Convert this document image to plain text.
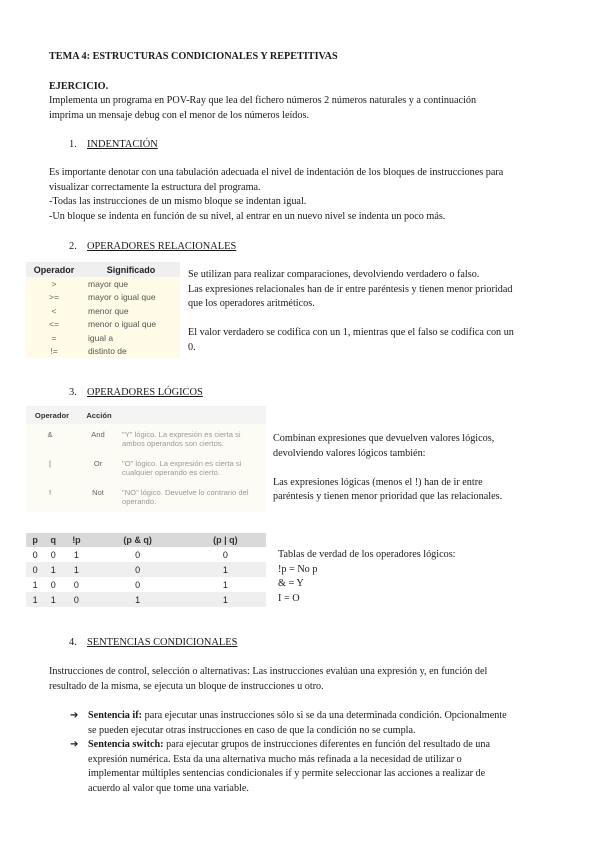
TEMA 4: ESTRUCTURAS CONDICIONALES Y REPETITIVAS
EJERCICIO.
Implementa un programa en POV-Ray que lea del fichero números 2 números naturales y a continuación
imprima un mensaje debug con el menor de los números leídos.
1. INDENTACIÓN
Es importante denotar con una tabulación adecuada el nivel de indentación de los bloques de instrucciones para
visualizar correctamente la estructura del programa.
-Todas las instrucciones de un mismo bloque se indentan igual.
-Un bloque se indenta en función de su nivel, al entrar en un nuevo nivel se indenta un poco más.
2. OPERADORES RELACIONALES
Operador	Significado
>	mayor que
>=	mayor o igual que
<	menor que
<=	menor o igual que
=	igual a
!=	distinto de
Se utilizan para realizar comparaciones, devolviendo verdadero o falso.
Las expresiones relacionales han de ir entre paréntesis y tienen menor prioridad
que los operadores aritméticos.
El valor verdadero se codifica con un 1, mientras que el falso se codifica con un
0.
3. OPERADORES LÓGICOS
Operador	Acción
&	And	"Y" lógico. La expresión es cierta si ambos operandos son ciertos.
|	Or	"O" lógico. La expresión es cierta si cualquier operando es cierto.
!	Not	"NO" lógico. Devuelve lo contrario del operando.
Combinan expresiones que devuelven valores lógicos,
devolviendo valores lógicos también:
Las expresiones lógicas (menos el !) han de ir entre
paréntesis y tienen menor prioridad que las relacionales.
p	q	!p	(p & q)	(p | q)
0	0	1	0	0
0	1	1	0	1
1	0	0	0	1
1	1	0	1	1
Tablas de verdad de los operadores lógicos:
!p = No p
& = Y
I = O
4. SENTENCIAS CONDICIONALES
Instrucciones de control, selección o alternativas: Las instrucciones evalúan una expresión y, en función del
resultado de la misma, se ejecuta un bloque de instrucciones u otro.
➔ Sentencia if: para ejecutar unas instrucciones sólo si se da una determinada condición. Opcionalmente
se pueden ejecutar otras instrucciones en caso de que la condición no se cumpla.
➔ Sentencia switch: para ejecutar grupos de instrucciones diferentes en función del resultado de una
expresión numérica. Esta da una alternativa mucho más refinada a la necesidad de utilizar o
implementar múltiples sentencias condicionales if y permite seleccionar las acciones a realizar de
acuerdo al valor que tome una variable.
